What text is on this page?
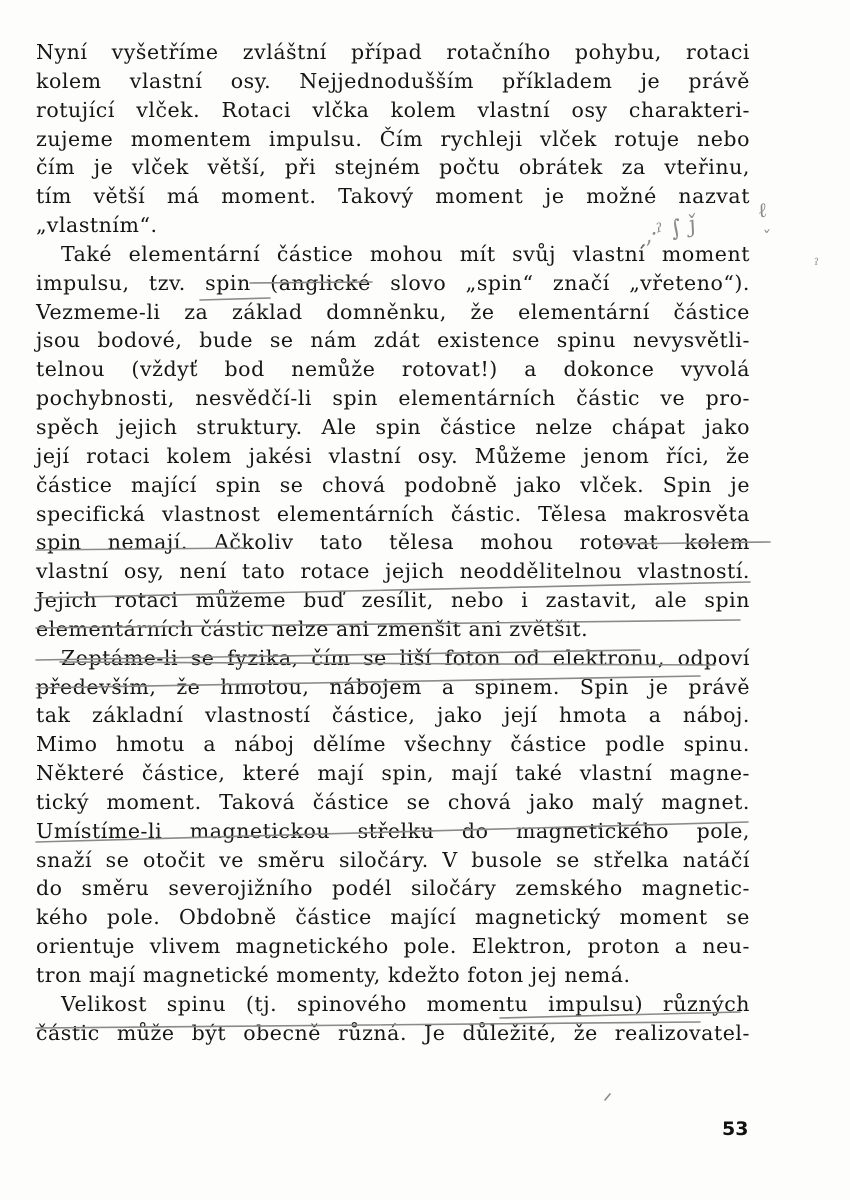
Nyní vyšetříme zvláštní případ rotačního pohybu, rotaci
kolem vlastní osy. Nejjednodušším příkladem je právě
rotující vlček. Rotaci vlčka kolem vlastní osy charakteri-
zujeme momentem impulsu. Čím rychleji vlček rotuje nebo
čím je vlček větší, při stejném počtu obrátek za vteřinu,
tím větší má moment. Takový moment je možné nazvat
„vlastním“.
Také elementární částice mohou mít svůj vlastní moment
impulsu, tzv. spin (anglické slovo „spin“ značí „vřeteno“).
Vezmeme-li za základ domněnku, že elementární částice
jsou bodové, bude se nám zdát existence spinu nevysvětli-
telnou (vždyť bod nemůže rotovat!) a dokonce vyvolá
pochybnosti, nesvědčí-li spin elementárních částic ve pro-
spěch jejich struktury. Ale spin částice nelze chápat jako
její rotaci kolem jakési vlastní osy. Můžeme jenom říci, že
částice mající spin se chová podobně jako vlček. Spin je
specifická vlastnost elementárních částic. Tělesa makrosvěta
spin nemají. Ačkoliv tato tělesa mohou rotovat kolem
vlastní osy, není tato rotace jejich neoddělitelnou vlastností.
Jejich rotaci můžeme buď zesílit, nebo i zastavit, ale spin
elementárních částic nelze ani zmenšit ani zvětšit.
Zeptáme-li se fyzika, čím se liší foton od elektronu, odpoví
především, že hmotou, nábojem a spinem. Spin je právě
tak základní vlastností částice, jako její hmota a náboj.
Mimo hmotu a náboj dělíme všechny částice podle spinu.
Některé částice, které mají spin, mají také vlastní magne-
tický moment. Taková částice se chová jako malý magnet.
Umístíme-li magnetickou střelku do magnetického pole,
snaží se otočit ve směru siločáry. V busole se střelka natáčí
do směru severojižního podél siločáry zemského magnetic-
kého pole. Obdobně částice mající magnetický moment se
orientuje vlivem magnetického pole. Elektron, proton a neu-
tron mají magnetické momenty, kdežto foton jej nemá.
Velikost spinu (tj. spinového momentu impulsu) různých
částic může být obecně různá. Je důležité, že realizovatel-
ˏ,·ˀ ∫ ǰ
ℓ
ˇ
ˀ
53
